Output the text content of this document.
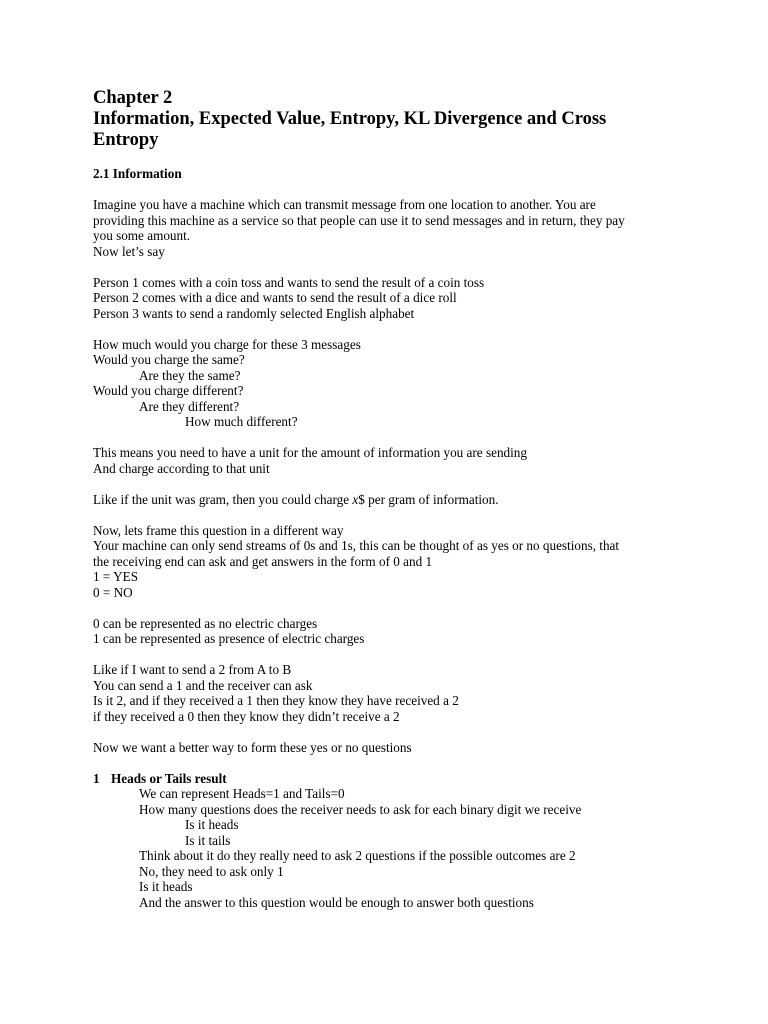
Chapter 2
Information, Expected Value, Entropy, KL Divergence and Cross
Entropy
2.1 Information
Imagine you have a machine which can transmit message from one location to another. You are
providing this machine as a service so that people can use it to send messages and in return, they pay
you some amount.
Now let’s say
Person 1 comes with a coin toss and wants to send the result of a coin toss
Person 2 comes with a dice and wants to send the result of a dice roll
Person 3 wants to send a randomly selected English alphabet
How much would you charge for these 3 messages
Would you charge the same?
Are they the same?
Would you charge different?
Are they different?
How much different?
This means you need to have a unit for the amount of information you are sending
And charge according to that unit
Like if the unit was gram, then you could charge x$ per gram of information.
Now, lets frame this question in a different way
Your machine can only send streams of 0s and 1s, this can be thought of as yes or no questions, that
the receiving end can ask and get answers in the form of 0 and 1
1 = YES
0 = NO
0 can be represented as no electric charges
1 can be represented as presence of electric charges
Like if I want to send a 2 from A to B
You can send a 1 and the receiver can ask
Is it 2, and if they received a 1 then they know they have received a 2
if they received a 0 then they know they didn’t receive a 2
Now we want a better way to form these yes or no questions
1 Heads or Tails result
We can represent Heads=1 and Tails=0
How many questions does the receiver needs to ask for each binary digit we receive
Is it heads
Is it tails
Think about it do they really need to ask 2 questions if the possible outcomes are 2
No, they need to ask only 1
Is it heads
And the answer to this question would be enough to answer both questions
